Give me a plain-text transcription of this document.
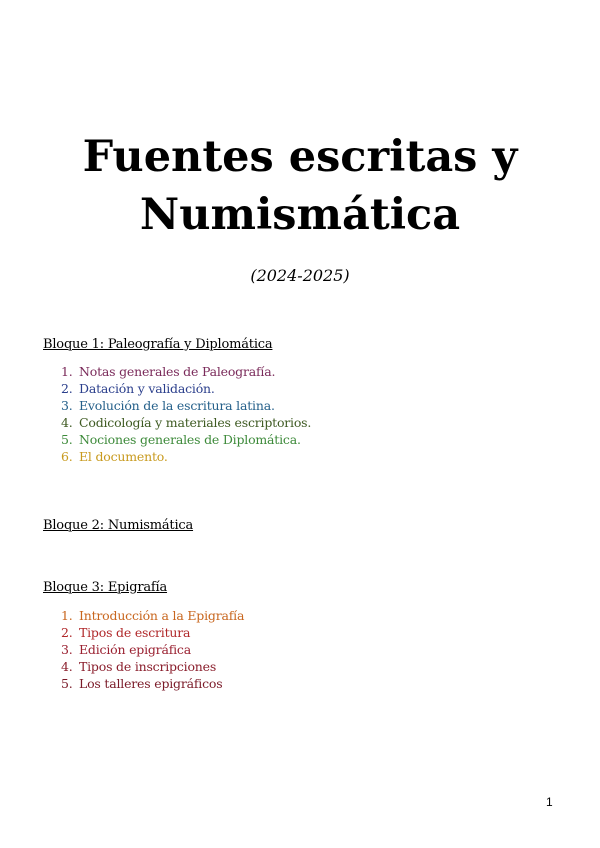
Fuentes escritas y
Numismática
(2024-2025)
Bloque 1: Paleografía y Diplomática
1. Notas generales de Paleografía.
2. Datación y validación.
3. Evolución de la escritura latina.
4. Codicología y materiales escriptorios.
5. Nociones generales de Diplomática.
6. El documento.
Bloque 2: Numismática
Bloque 3: Epigrafía
1. Introducción a la Epigrafía
2. Tipos de escritura
3. Edición epigráfica
4. Tipos de inscripciones
5. Los talleres epigráficos
1
